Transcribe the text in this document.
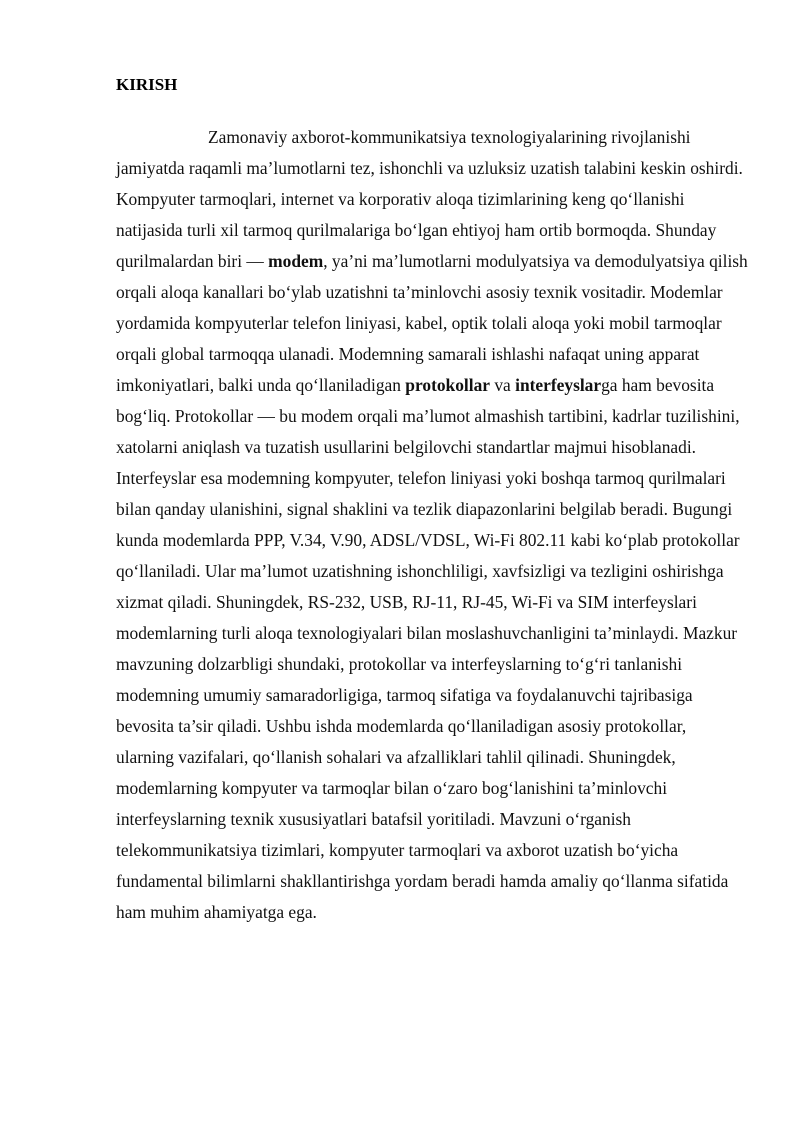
KIRISH

Zamonaviy axborot-kommunikatsiya texnologiyalarining rivojlanishi jamiyatda raqamli ma’lumotlarni tez, ishonchli va uzluksiz uzatish talabini keskin oshirdi. Kompyuter tarmoqlari, internet va korporativ aloqa tizimlarining keng qo‘llanishi natijasida turli xil tarmoq qurilmalariga bo‘lgan ehtiyoj ham ortib bormoqda. Shunday qurilmalardan biri — modem, ya’ni ma’lumotlarni modulyatsiya va demodulyatsiya qilish orqali aloqa kanallari bo‘ylab uzatishni ta’minlovchi asosiy texnik vositadir. Modemlar yordamida kompyuterlar telefon liniyasi, kabel, optik tolali aloqa yoki mobil tarmoqlar orqali global tarmoqqa ulanadi. Modemning samarali ishlashi nafaqat uning apparat imkoniyatlari, balki unda qo‘llaniladigan protokollar va interfeyslarga ham bevosita bog‘liq. Protokollar — bu modem orqali ma’lumot almashish tartibini, kadrlar tuzilishini, xatolarni aniqlash va tuzatish usullarini belgilovchi standartlar majmui hisoblanadi. Interfeyslar esa modemning kompyuter, telefon liniyasi yoki boshqa tarmoq qurilmalari bilan qanday ulanishini, signal shaklini va tezlik diapazonlarini belgilab beradi. Bugungi kunda modemlarda PPP, V.34, V.90, ADSL/VDSL, Wi-Fi 802.11 kabi ko‘plab protokollar qo‘llaniladi. Ular ma’lumot uzatishning ishonchliligi, xavfsizligi va tezligini oshirishga xizmat qiladi. Shuningdek, RS-232, USB, RJ-11, RJ-45, Wi-Fi va SIM interfeyslari modemlarning turli aloqa texnologiyalari bilan moslashuvchanligini ta’minlaydi. Mazkur mavzuning dolzarbligi shundaki, protokollar va interfeyslarning to‘g‘ri tanlanishi modemning umumiy samaradorligiga, tarmoq sifatiga va foydalanuvchi tajribasiga bevosita ta’sir qiladi. Ushbu ishda modemlarda qo‘llaniladigan asosiy protokollar, ularning vazifalari, qo‘llanish sohalari va afzalliklari tahlil qilinadi. Shuningdek, modemlarning kompyuter va tarmoqlar bilan o‘zaro bog‘lanishini ta’minlovchi interfeyslarning texnik xususiyatlari batafsil yoritiladi. Mavzuni o‘rganish telekommunikatsiya tizimlari, kompyuter tarmoqlari va axborot uzatish bo‘yicha fundamental bilimlarni shakllantirishga yordam beradi hamda amaliy qo‘llanma sifatida ham muhim ahamiyatga ega.
